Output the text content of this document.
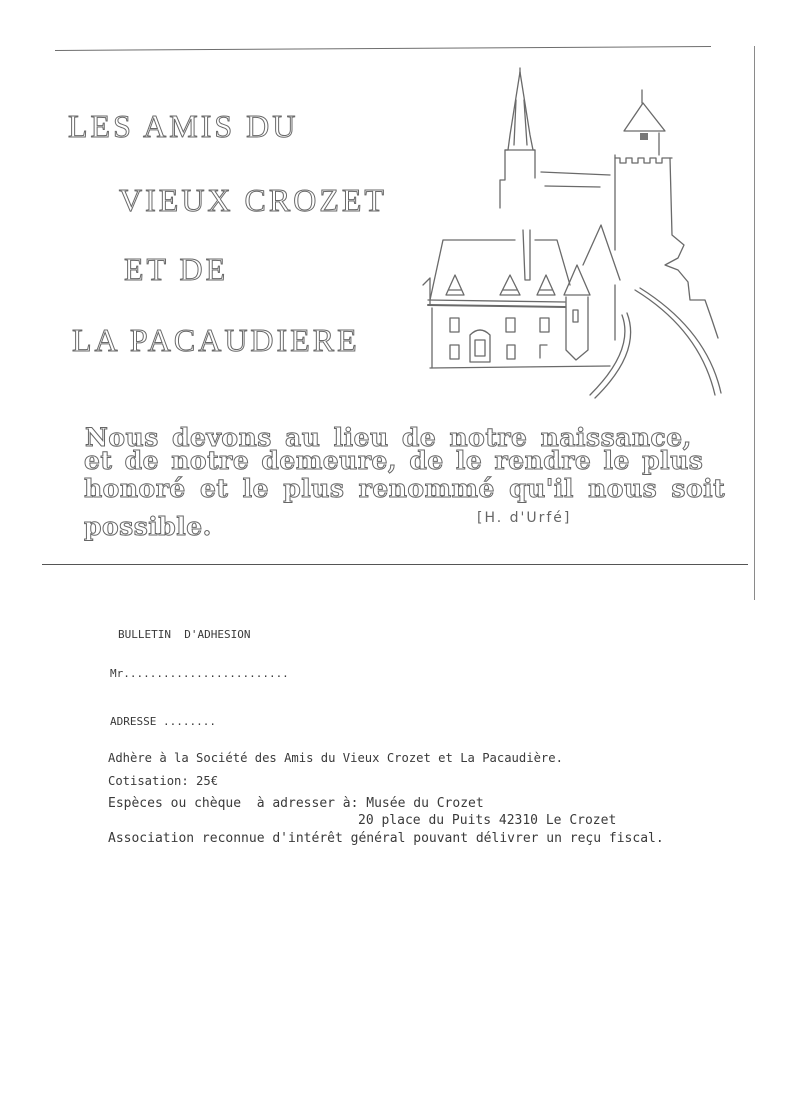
LES AMIS DU
VIEUX CROZET
ET DE
LA PACAUDIERE
Nous devons au lieu de notre naissance,
et de notre demeure, de le rendre le plus
honoré et le plus renommé qu'il nous soit
possible.	[H. d'Urfé]
BULLETIN  D'ADHESION
Mr.........................
ADRESSE ........
Adhère à la Société des Amis du Vieux Crozet et La Pacaudière.
Cotisation: 25€
Espèces ou chèque  à adresser à: Musée du Crozet
20 place du Puits 42310 Le Crozet
Association reconnue d'intérêt général pouvant délivrer un reçu fiscal.
